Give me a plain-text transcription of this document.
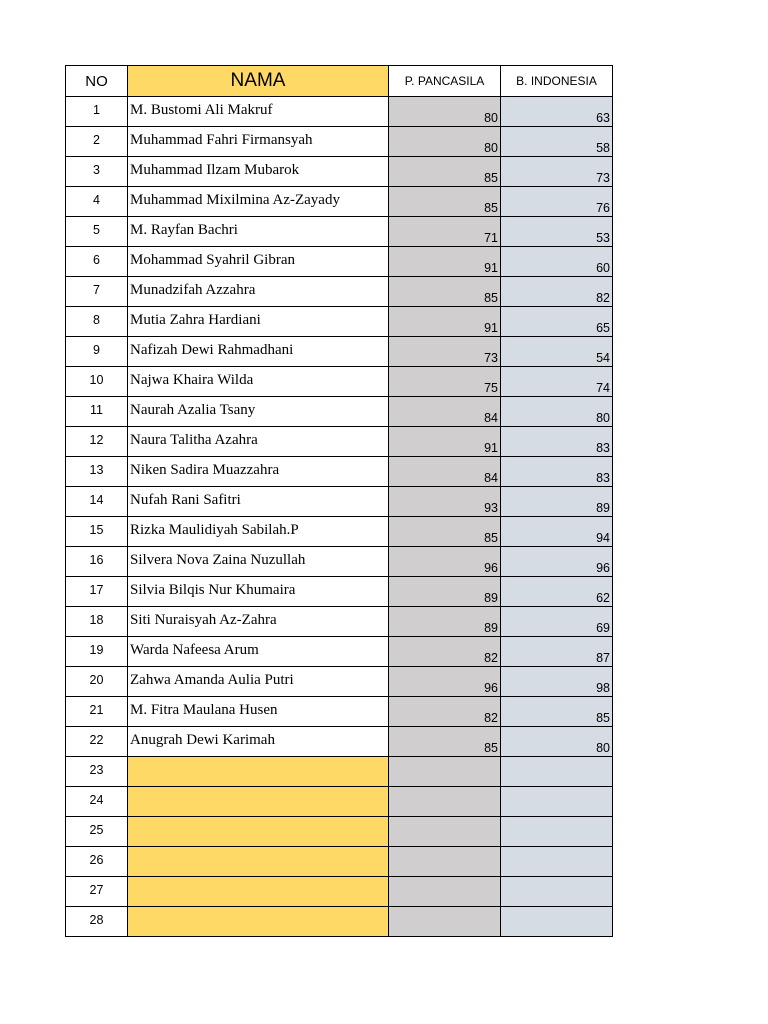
NO	NAMA	P. PANCASILA	B. INDONESIA
1	M. Bustomi Ali Makruf	80	63
2	Muhammad Fahri Firmansyah	80	58
3	Muhammad Ilzam Mubarok	85	73
4	Muhammad Mixilmina Az-Zayady	85	76
5	M. Rayfan Bachri	71	53
6	Mohammad Syahril Gibran	91	60
7	Munadzifah Azzahra	85	82
8	Mutia Zahra Hardiani	91	65
9	Nafizah Dewi Rahmadhani	73	54
10	Najwa Khaira Wilda	75	74
11	Naurah Azalia Tsany	84	80
12	Naura Talitha Azahra	91	83
13	Niken Sadira Muazzahra	84	83
14	Nufah Rani Safitri	93	89
15	Rizka Maulidiyah Sabilah.P	85	94
16	Silvera Nova Zaina Nuzullah	96	96
17	Silvia Bilqis Nur Khumaira	89	62
18	Siti Nuraisyah Az-Zahra	89	69
19	Warda Nafeesa Arum	82	87
20	Zahwa Amanda Aulia Putri	96	98
21	M. Fitra Maulana Husen	82	85
22	Anugrah Dewi Karimah	85	80
23			
24			
25			
26			
27			
28			
